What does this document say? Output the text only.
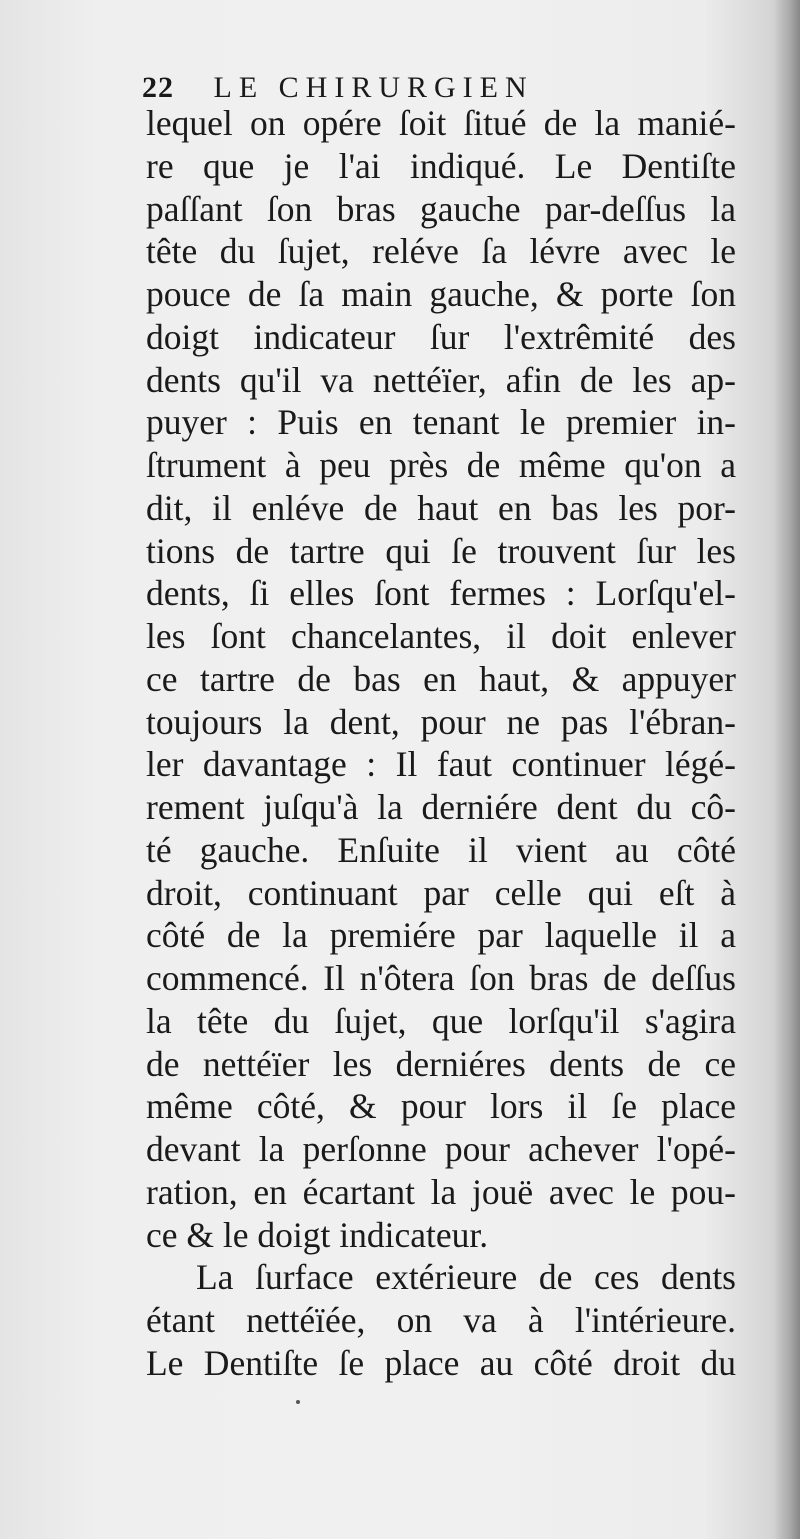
22 LE CHIRURGIEN
lequel on opére ſoit ſitué de la manié-
re que je l'ai indiqué. Le Dentiſte
paſſant ſon bras gauche par-deſſus la
tête du ſujet, reléve ſa lévre avec le
pouce de ſa main gauche, & porte ſon
doigt indicateur ſur l'extrêmité des
dents qu'il va nettéïer, afin de les ap-
puyer : Puis en tenant le premier in-
ſtrument à peu près de même qu'on a
dit, il enléve de haut en bas les por-
tions de tartre qui ſe trouvent ſur les
dents, ſi elles ſont fermes : Lorſqu'el-
les ſont chancelantes, il doit enlever
ce tartre de bas en haut, & appuyer
toujours la dent, pour ne pas l'ébran-
ler davantage : Il faut continuer légé-
rement juſqu'à la derniére dent du cô-
té gauche. Enſuite il vient au côté
droit, continuant par celle qui eſt à
côté de la premiére par laquelle il a
commencé. Il n'ôtera ſon bras de deſſus
la tête du ſujet, que lorſqu'il s'agira
de nettéïer les derniéres dents de ce
même côté, & pour lors il ſe place
devant la perſonne pour achever l'opé-
ration, en écartant la jouë avec le pou-
ce & le doigt indicateur.
La ſurface extérieure de ces dents
étant nettéïée, on va à l'intérieure.
Le Dentiſte ſe place au côté droit du
